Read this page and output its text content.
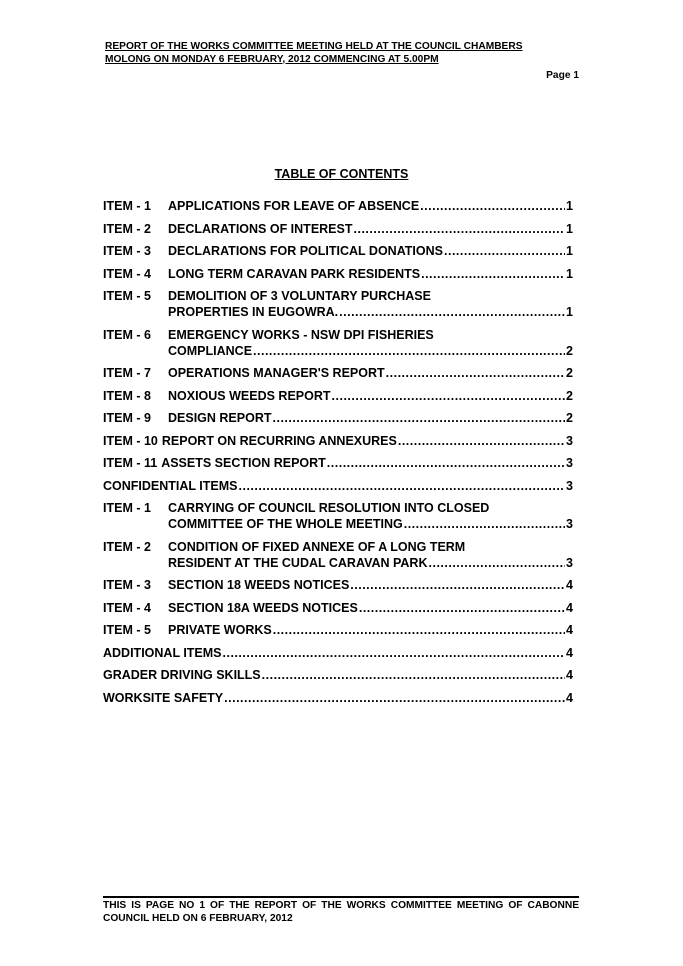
REPORT OF THE WORKS COMMITTEE MEETING HELD AT THE COUNCIL CHAMBERS
MOLONG ON MONDAY 6 FEBRUARY, 2012 COMMENCING AT 5.00PM
Page 1
TABLE OF CONTENTS
ITEM - 1	APPLICATIONS FOR LEAVE OF ABSENCE .....	1
ITEM - 2	DECLARATIONS OF INTEREST .....	1
ITEM - 3	DECLARATIONS FOR POLITICAL DONATIONS .....	1
ITEM - 4	LONG TERM CARAVAN PARK RESIDENTS .....	1
ITEM - 5	DEMOLITION OF 3 VOLUNTARY PURCHASE
PROPERTIES IN EUGOWRA. .....	1
ITEM - 6	EMERGENCY WORKS - NSW DPI FISHERIES
COMPLIANCE .....	2
ITEM - 7	OPERATIONS MANAGER'S REPORT .....	2
ITEM - 8	NOXIOUS WEEDS REPORT .....	2
ITEM - 9	DESIGN REPORT .....	2
ITEM - 10 REPORT ON RECURRING ANNEXURES .....	3
ITEM - 11 ASSETS SECTION REPORT .....	3
CONFIDENTIAL ITEMS .....	3
ITEM - 1	CARRYING OF COUNCIL RESOLUTION INTO CLOSED
COMMITTEE OF THE WHOLE MEETING .....	3
ITEM - 2	CONDITION OF FIXED ANNEXE OF A LONG TERM
RESIDENT AT THE CUDAL CARAVAN PARK .....	3
ITEM - 3	SECTION 18 WEEDS NOTICES .....	4
ITEM - 4	SECTION 18A WEEDS NOTICES .....	4
ITEM - 5	PRIVATE WORKS .....	4
ADDITIONAL ITEMS .....	4
GRADER DRIVING SKILLS .....	4
WORKSITE SAFETY .....	4
THIS IS PAGE NO 1 OF THE REPORT OF THE WORKS COMMITTEE MEETING OF CABONNE COUNCIL HELD ON 6 FEBRUARY, 2012
